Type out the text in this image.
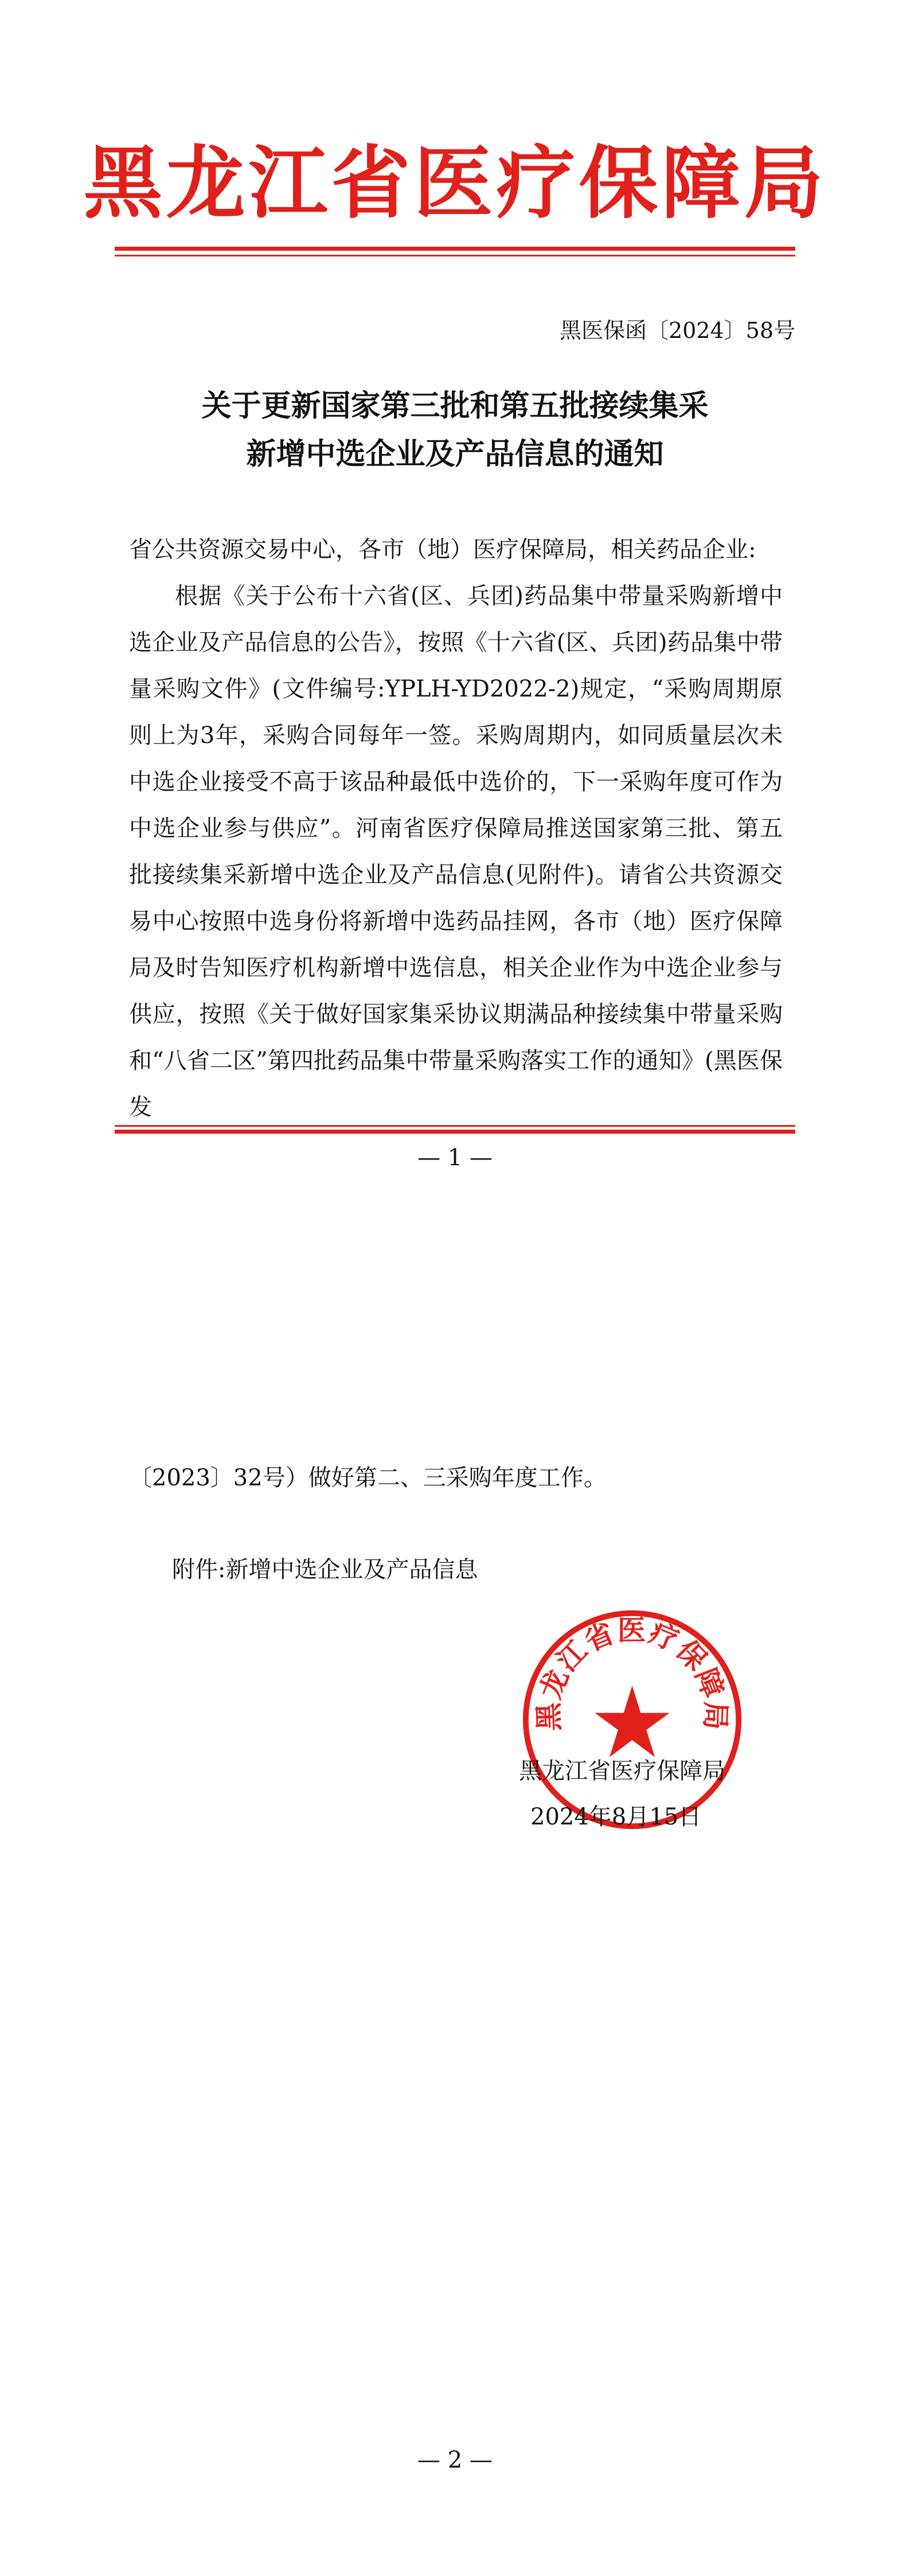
黑龙江省医疗保障局
黑医保函〔2024〕58号
关于更新国家第三批和第五批接续集采
新增中选企业及产品信息的通知
省公共资源交易中心，各市（地）医疗保障局，相关药品企业:
根据《关于公布十六省(区、兵团)药品集中带量采购新增中选企业及产品信息的公告》，按照《十六省(区、兵团)药品集中带量采购文件》(文件编号:YPLH-YD2022-2)规定，“采购周期原则上为3年，采购合同每年一签。采购周期内，如同质量层次未中选企业接受不高于该品种最低中选价的，下一采购年度可作为中选企业参与供应”。河南省医疗保障局推送国家第三批、第五批接续集采新增中选企业及产品信息(见附件)。请省公共资源交易中心按照中选身份将新增中选药品挂网，各市（地）医疗保障局及时告知医疗机构新增中选信息，相关企业作为中选企业参与供应，按照《关于做好国家集采协议期满品种接续集中带量采购和“八省二区”第四批药品集中带量采购落实工作的通知》(黑医保发
— 1 —
〔2023〕32号）做好第二、三采购年度工作。
附件:新增中选企业及产品信息
黑龙江省医疗保障局
黑龙江省医疗保障局
2024年8月15日
— 2 —
